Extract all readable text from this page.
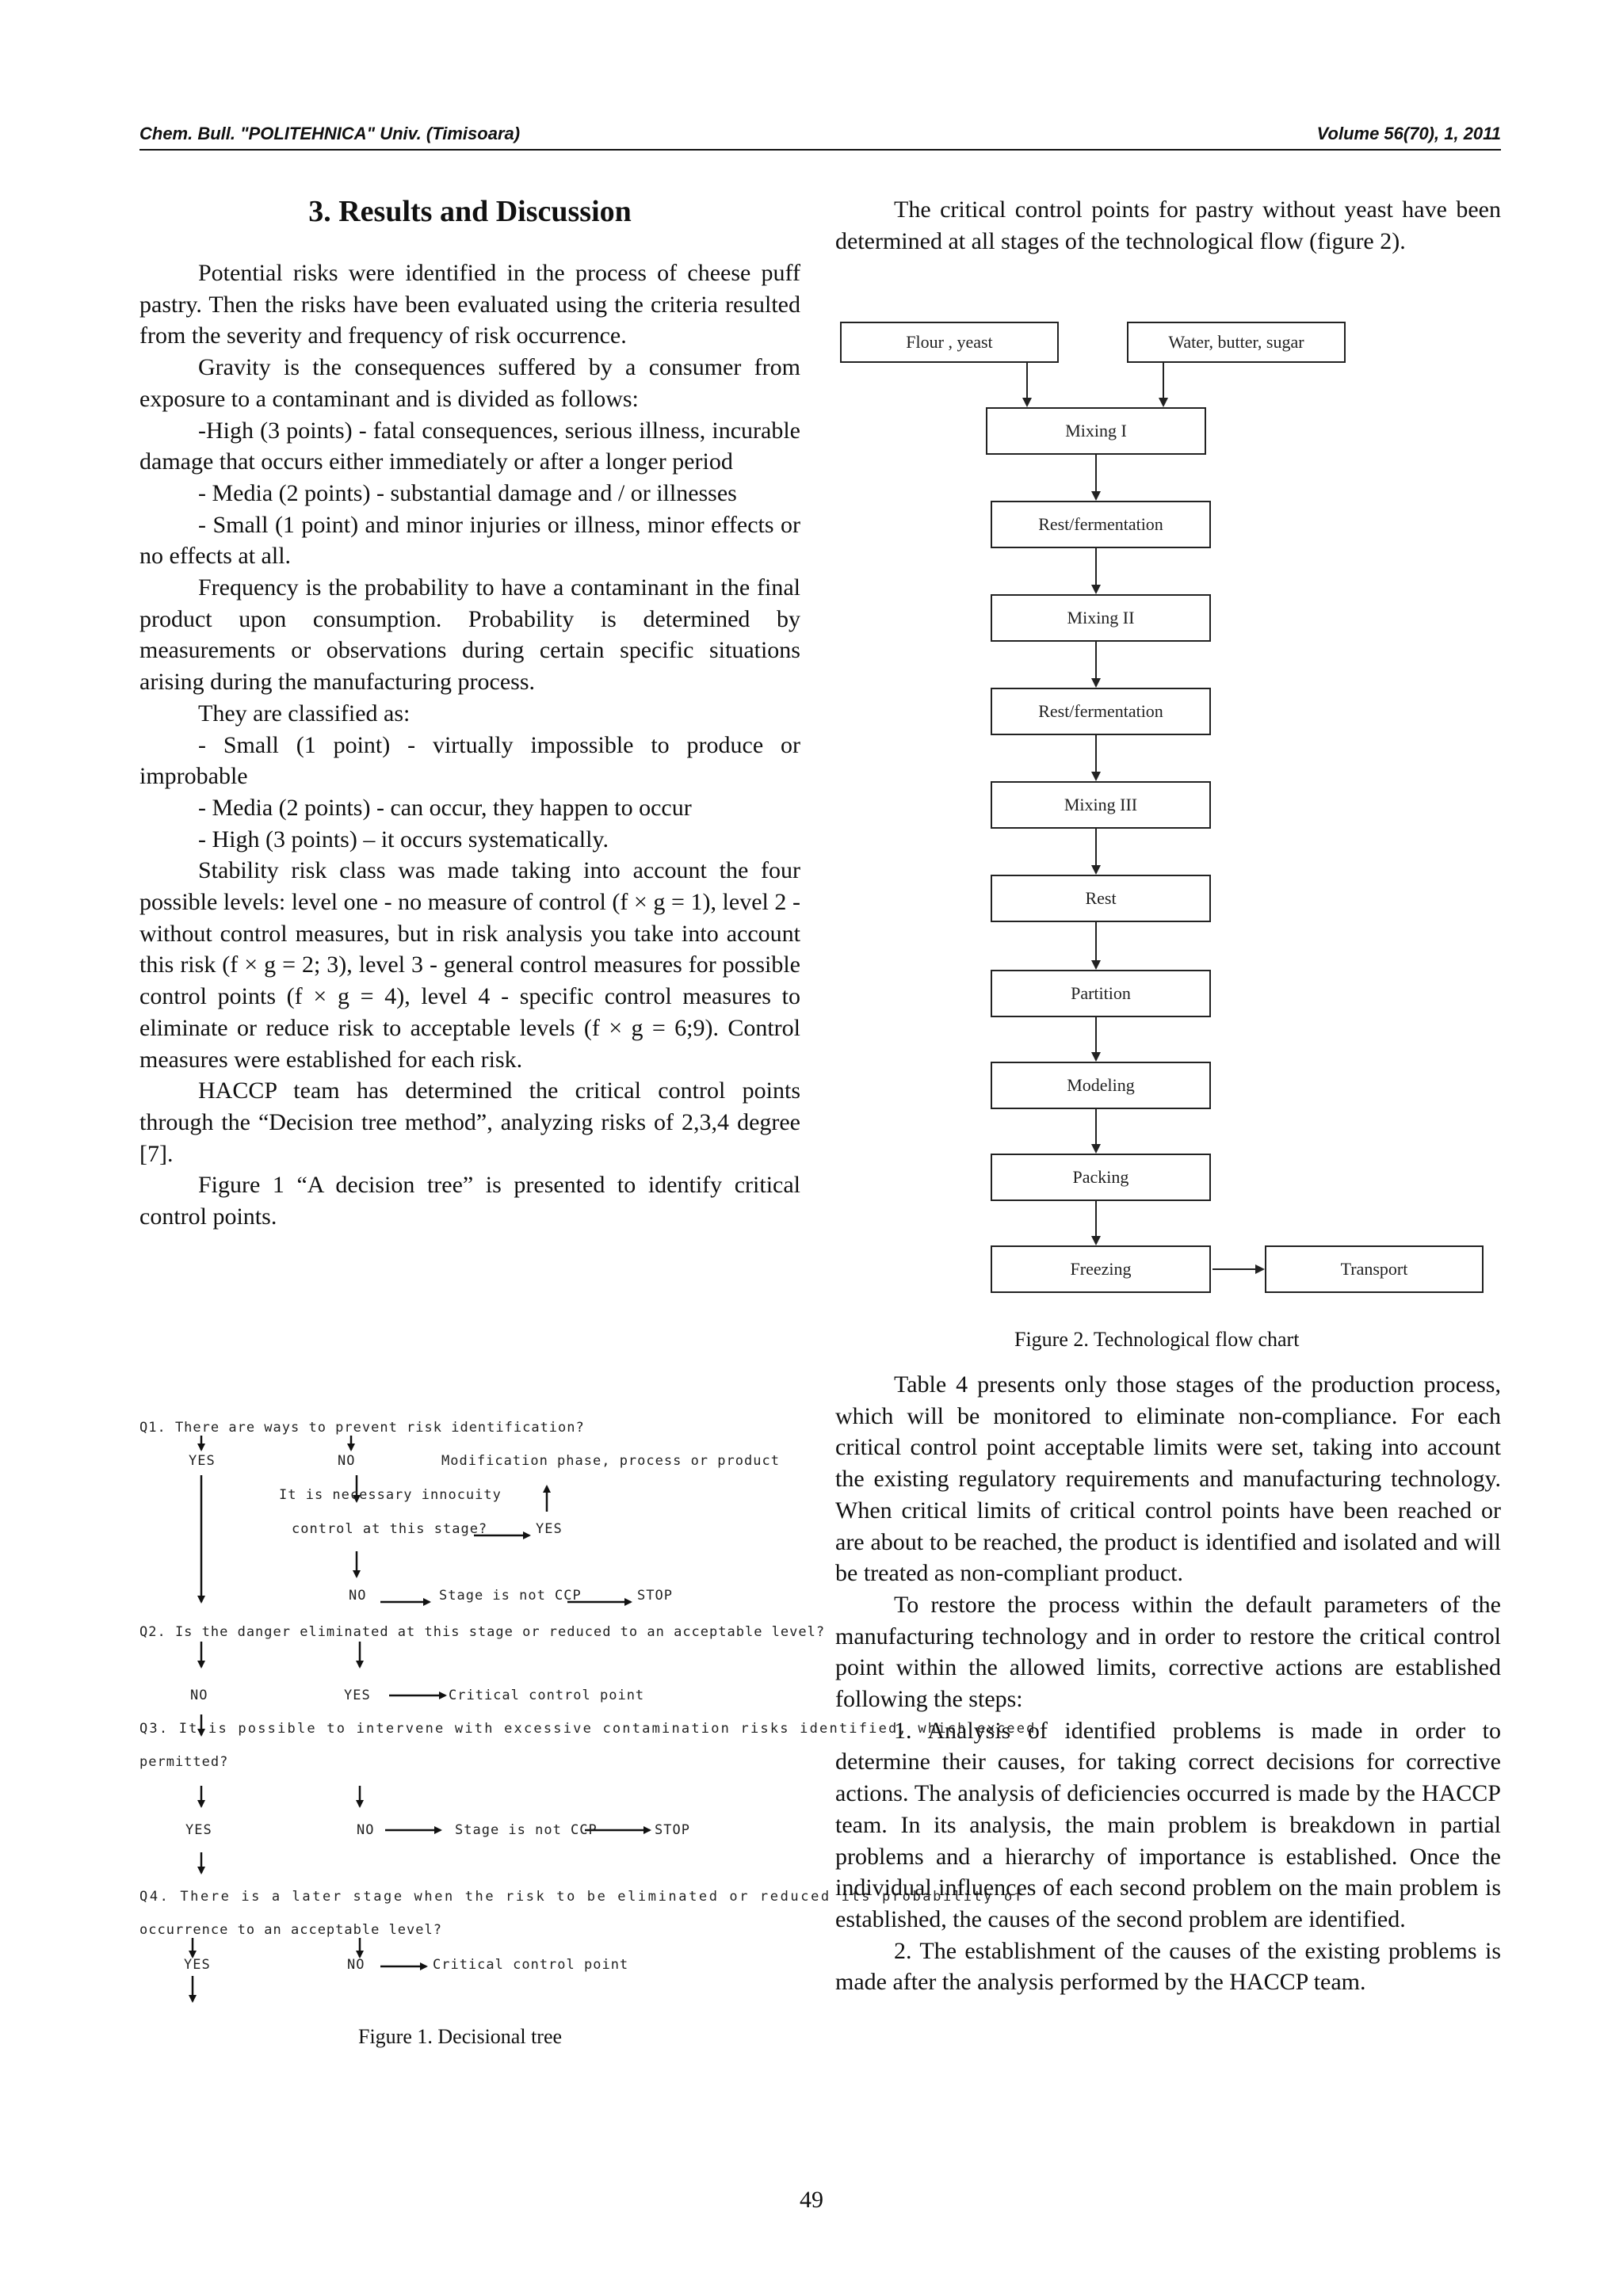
Chem. Bull. "POLITEHNICA" Univ. (Timisoara)	Volume 56(70), 1, 2011
3. Results and Discussion

Potential risks were identified in the process of cheese puff pastry. Then the risks have been evaluated using the criteria resulted from the severity and frequency of risk occurrence.

Gravity is the consequences suffered by a consumer from exposure to a contaminant and is divided as follows:

-High (3 points) - fatal consequences, serious illness, incurable damage that occurs either immediately or after a longer period

- Media (2 points) - substantial damage and / or illnesses

- Small (1 point) and minor injuries or illness, minor effects or no effects at all.

Frequency is the probability to have a contaminant in the final product upon consumption. Probability is determined by measurements or observations during certain specific situations arising during the manufacturing process.

They are classified as:

- Small (1 point) - virtually impossible to produce or improbable

- Media (2 points) - can occur, they happen to occur

- High (3 points) – it occurs systematically.

Stability risk class was made taking into account the four possible levels: level one - no measure of control (f × g = 1), level 2 - without control measures, but in risk analysis you take into account this risk (f × g = 2; 3), level 3 - general control measures for possible control points (f × g = 4), level 4 - specific control measures to eliminate or reduce risk to acceptable levels (f × g = 6;9). Control measures were established for each risk.

HACCP team has determined the critical control points through the “Decision tree method”, analyzing risks of 2,3,4 degree [7].

Figure 1 “A decision tree” is presented to identify critical control points.

Q1. There are ways to prevent risk identification?
YES	NO	Modification phase, process or product
It is necessary innocuity
control at this stage?	YES
NO	Stage is not CCP	STOP
Q2. Is the danger eliminated at this stage or reduced to an acceptable level?
NO	YES	Critical control point
Q3. It is possible to intervene with excessive contamination risks identified, which exceed
permitted?
YES	NO	Stage is not CCP	STOP
Q4. There is a later stage when the risk to be eliminated or reduced its probability of
occurrence to an acceptable level?
YES	NO	Critical control point
Figure 1. Decisional tree

The critical control points for pastry without yeast have been determined at all stages of the technological flow (figure 2).

Flour , yeast	Water, butter, sugar
Mixing I
Rest/fermentation
Mixing II
Rest/fermentation
Mixing III
Rest
Partition
Modeling
Packing
Freezing	Transport
Figure 2. Technological flow chart

Table 4 presents only those stages of the production process, which will be monitored to eliminate non-compliance. For each critical control point acceptable limits were set, taking into account the existing regulatory requirements and manufacturing technology. When critical limits of critical control points have been reached or are about to be reached, the product is identified and isolated and will be treated as non-compliant product.

To restore the process within the default parameters of the manufacturing technology and in order to restore the critical control point within the allowed limits, corrective actions are established following the steps:

1. Analysis of identified problems is made in order to determine their causes, for taking correct decisions for corrective actions. The analysis of deficiencies occurred is made by the HACCP team. In its analysis, the main problem is breakdown in partial problems and a hierarchy of importance is established. Once the individual influences of each second problem on the main problem is established, the causes of the second problem are identified.

2. The establishment of the causes of the existing problems is made after the analysis performed by the HACCP team.

49
